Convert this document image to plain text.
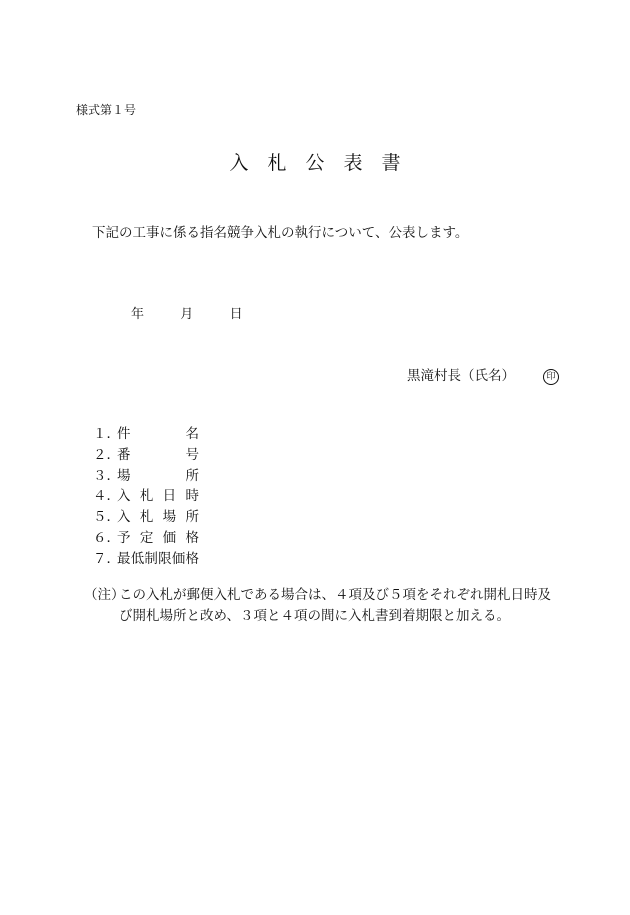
様式第１号
入　札　公　表　書
下記の工事に係る指名競争入札の執行について、公表します。
年	月	日
黒滝村長（氏名）	印
１．
件	名
２．
番	号
３．
場	所
４．
入 札 日 時
５．
入 札 場 所
６．
予 定 価 格
７．
最 低 制 限 価 格
（注）
この入札が郵便入札である場合は、４項及び５項をそれぞれ開札日時及
び開札場所と改め、３項と４項の間に入札書到着期限と加える。
